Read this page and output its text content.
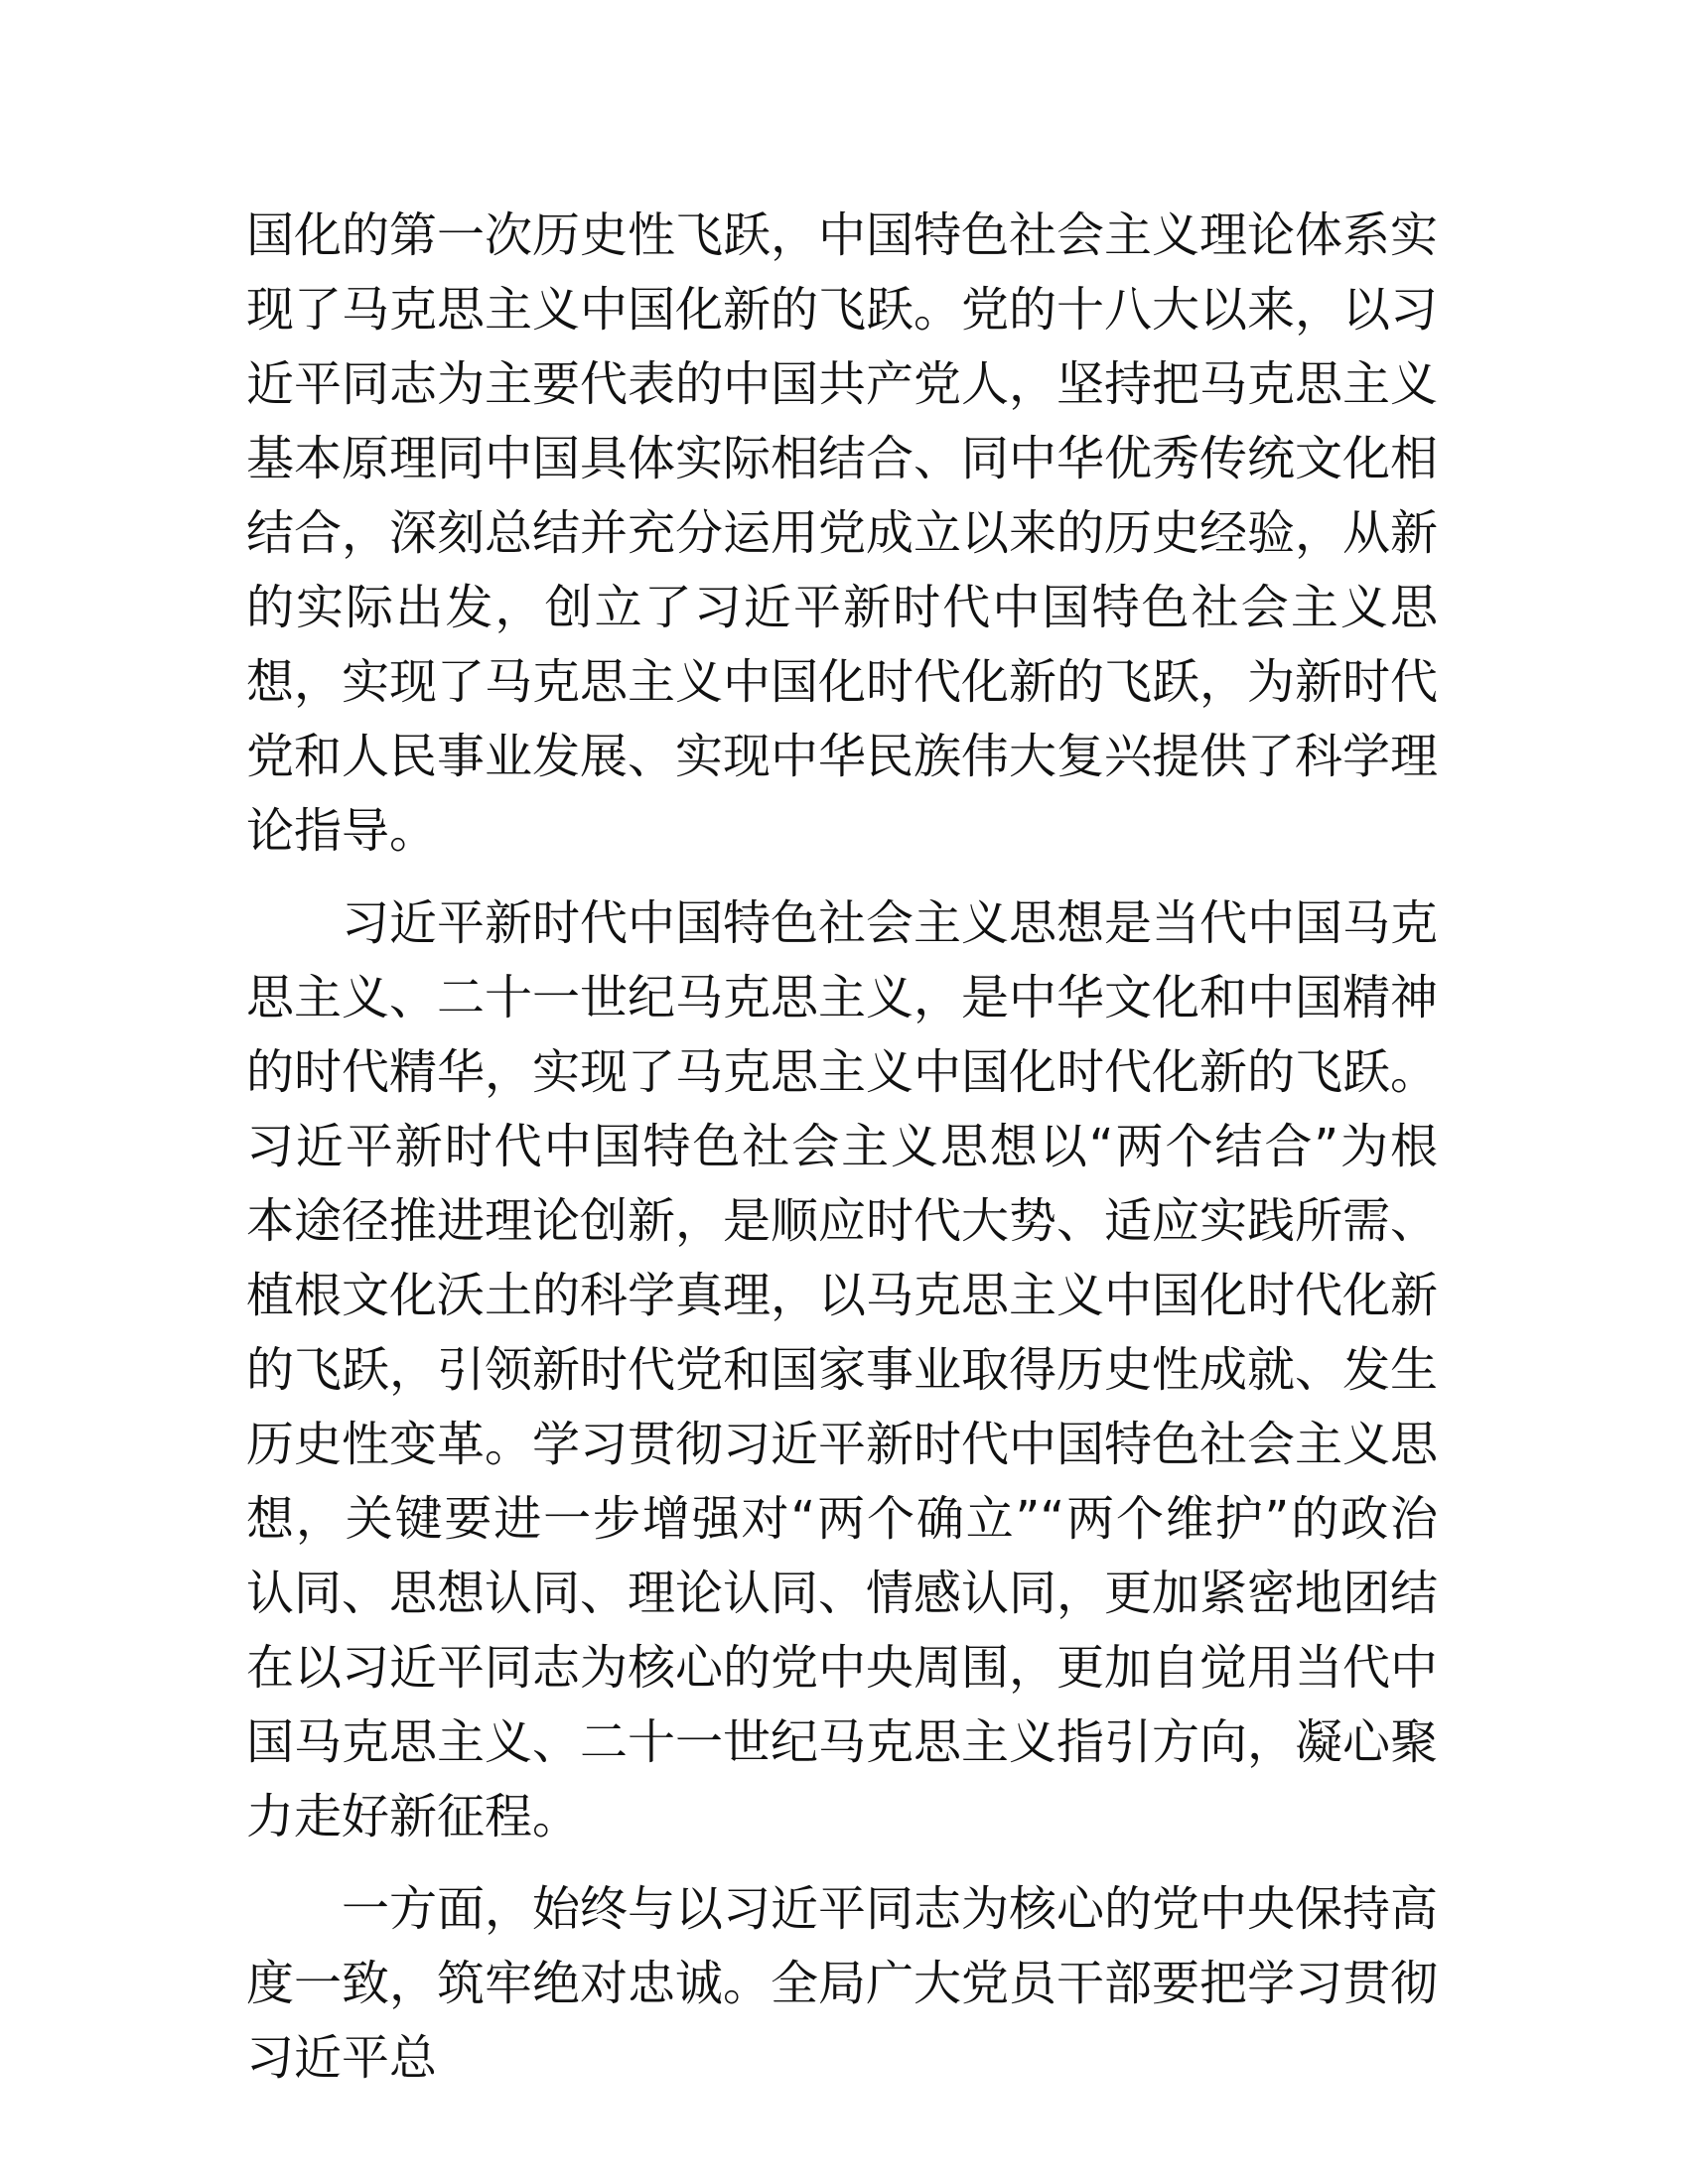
国化的第一次历史性飞跃，中国特色社会主义理论体系实现了马克思主义中国化新的飞跃。党的十八大以来，以习近平同志为主要代表的中国共产党人，坚持把马克思主义基本原理同中国具体实际相结合、同中华优秀传统文化相结合，深刻总结并充分运用党成立以来的历史经验，从新的实际出发，创立了习近平新时代中国特色社会主义思想，实现了马克思主义中国化时代化新的飞跃，为新时代党和人民事业发展、实现中华民族伟大复兴提供了科学理论指导。

习近平新时代中国特色社会主义思想是当代中国马克思主义、二十一世纪马克思主义，是中华文化和中国精神的时代精华，实现了马克思主义中国化时代化新的飞跃。习近平新时代中国特色社会主义思想以“两个结合”为根本途径推进理论创新，是顺应时代大势、适应实践所需、植根文化沃土的科学真理，以马克思主义中国化时代化新的飞跃，引领新时代党和国家事业取得历史性成就、发生历史性变革。学习贯彻习近平新时代中国特色社会主义思想，关键要进一步增强对“两个确立”“两个维护”的政治认同、思想认同、理论认同、情感认同，更加紧密地团结在以习近平同志为核心的党中央周围，更加自觉用当代中国马克思主义、二十一世纪马克思主义指引方向，凝心聚力走好新征程。

一方面，始终与以习近平同志为核心的党中央保持高度一致，筑牢绝对忠诚。全局广大党员干部要把学习贯彻习近平总
